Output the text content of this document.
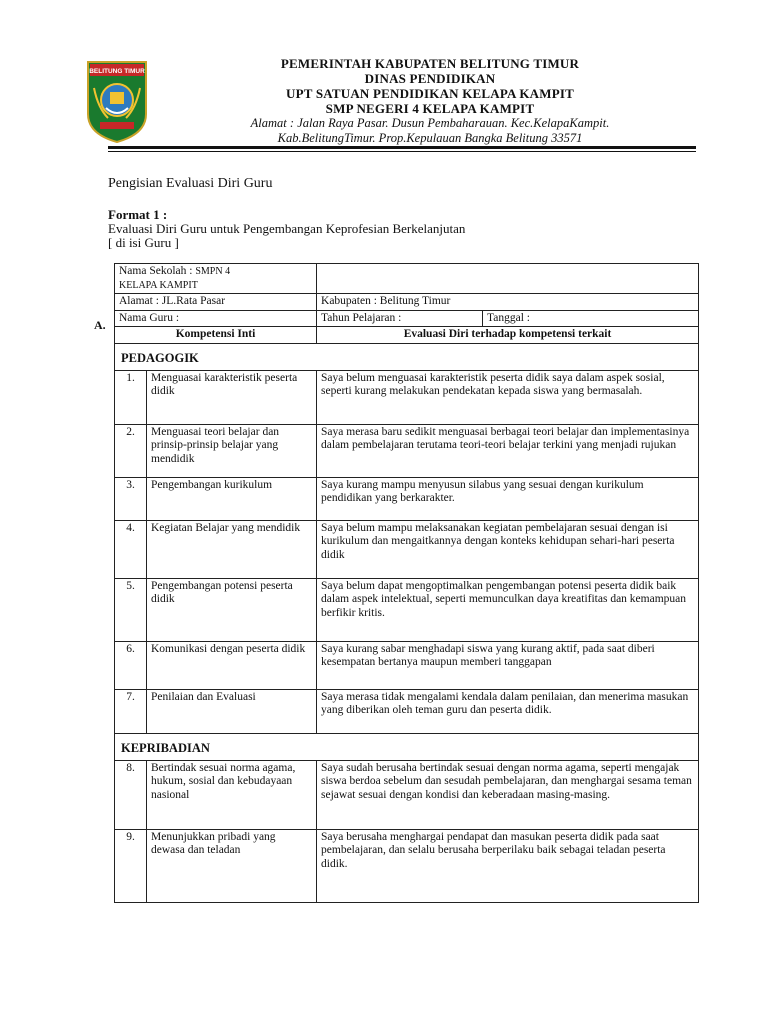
BELITUNG TIMUR
PEMERINTAH KABUPATEN BELITUNG TIMUR
DINAS PENDIDIKAN
UPT SATUAN PENDIDIKAN KELAPA KAMPIT
SMP NEGERI 4 KELAPA KAMPIT
Alamat : Jalan Raya Pasar. Dusun Pembaharauan. Kec.KelapaKampit.
Kab.BelitungTimur. Prop.Kepulauan Bangka Belitung 33571
Pengisian Evaluasi Diri Guru
Format 1 :
Evaluasi Diri Guru untuk Pengembangan Keprofesian Berkelanjutan
[ di isi Guru ]
A.
Nama Sekolah : SMPN 4
KELAPA KAMPIT			
Alamat : JL.Rata Pasar		Kabupaten : Belitung Timur	
Nama Guru :		Tahun Pelajaran :	Tanggal :
Kompetensi Inti		Evaluasi Diri terhadap kompetensi terkait	
PEDAGOGIK			
1.	Menguasai karakteristik peserta didik	Saya belum menguasai karakteristik peserta didik saya dalam aspek sosial, seperti kurang melakukan pendekatan kepada siswa yang bermasalah.	
2.	Menguasai teori belajar dan prinsip-prinsip belajar yang mendidik	Saya merasa baru sedikit menguasai berbagai teori belajar dan implementasinya dalam pembelajaran terutama teori-teori belajar terkini yang menjadi rujukan	
3.	Pengembangan kurikulum	Saya kurang mampu menyusun silabus yang sesuai dengan kurikulum pendidikan yang berkarakter.	
4.	Kegiatan Belajar yang mendidik	Saya belum mampu melaksanakan kegiatan pembelajaran sesuai dengan isi kurikulum dan mengaitkannya dengan konteks kehidupan sehari-hari peserta didik	
5.	Pengembangan potensi peserta didik	Saya belum dapat mengoptimalkan pengembangan potensi peserta didik baik dalam aspek intelektual, seperti memunculkan daya kreatifitas dan kemampuan berfikir kritis.	
6.	Komunikasi dengan peserta didik	Saya kurang sabar menghadapi siswa yang kurang aktif, pada saat diberi kesempatan bertanya maupun memberi tanggapan	
7.	Penilaian dan Evaluasi	Saya merasa tidak mengalami kendala dalam penilaian, dan menerima masukan yang diberikan oleh teman guru dan peserta didik.	
KEPRIBADIAN			
8.	Bertindak sesuai norma agama, hukum, sosial dan kebudayaan nasional	Saya sudah berusaha bertindak sesuai dengan norma agama, seperti mengajak siswa berdoa sebelum dan sesudah pembelajaran, dan menghargai sesama teman sejawat sesuai dengan kondisi dan keberadaan masing-masing.	
9.	Menunjukkan pribadi yang dewasa dan teladan	Saya berusaha menghargai pendapat dan masukan peserta didik pada saat pembelajaran, dan selalu berusaha berperilaku baik sebagai teladan peserta didik.	
